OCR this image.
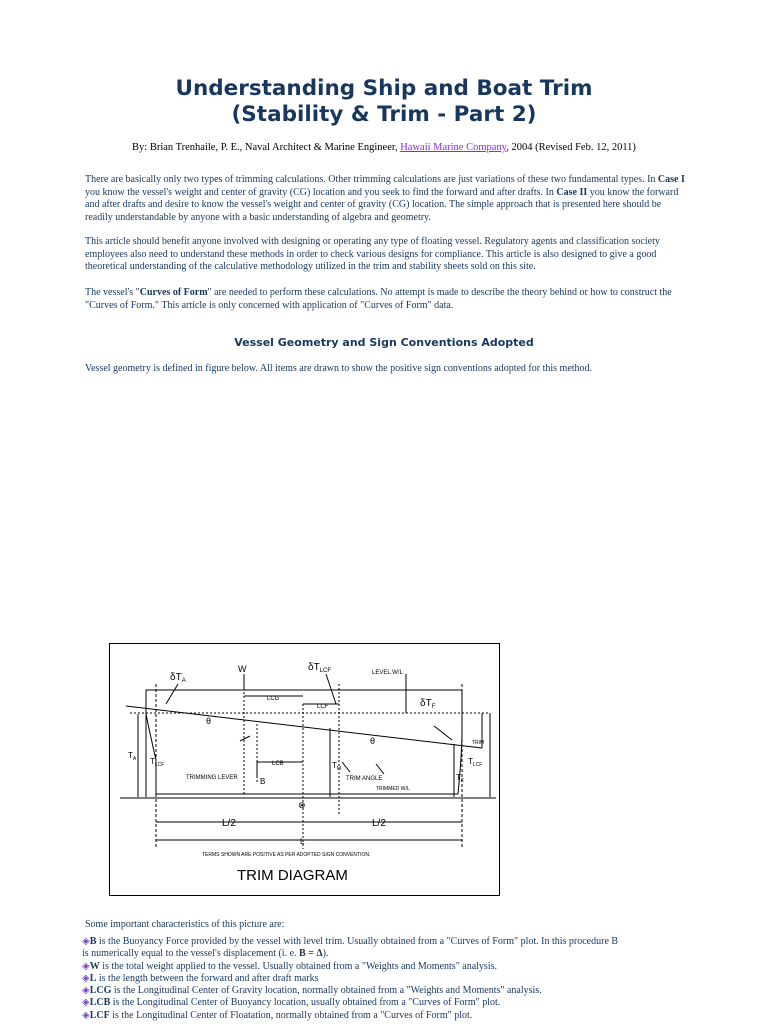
Understanding Ship and Boat Trim
(Stability & Trim - Part 2)
By: Brian Trenhaile, P. E., Naval Architect & Marine Engineer, Hawaii Marine Company, 2004 (Revised Feb. 12, 2011)
There are basically only two types of trimming calculations. Other trimming calculations are just variations of these two fundamental types. In Case I you know the vessel's weight and center of gravity (CG) location and you seek to find the forward and after drafts. In Case II you know the forward and after drafts and desire to know the vessel's weight and center of gravity (CG) location. The simple approach that is presented here should be readily understandable by anyone with a basic understanding of algebra and geometry.
This article should benefit anyone involved with designing or operating any type of floating vessel. Regulatory agents and classification society employees also need to understand these methods in order to check various designs for compliance. This article is also designed to give a good theoretical understanding of the calculative methodology utilized in the trim and stability sheets sold on this site.
The vessel's "Curves of Form" are needed to perform these calculations. No attempt is made to describe the theory behind or how to construct the "Curves of Form." This article is only concerned with application of "Curves of Form" data.
Vessel Geometry and Sign Conventions Adopted
Vessel geometry is defined in figure below. All items are drawn to show the positive sign conventions adopted for this method.
$\delta T_A$
W	$\delta T_{LCF}$	LEVEL W/L
LCG
LCF	$\delta T_F$
θ
θ
$T_A$ $T_{LCF}$	LCB
TRIMMING LEVER	B
$T_M$
TRIM ANGLE
TRIMMED W/L
$T_F$
TRIM
$T_{LCF}$
⊗
L/2	L/2
L
TERMS SHOWN ARE POSITIVE AS PER ADOPTED SIGN CONVENTION.
TRIM DIAGRAM
Some important characteristics of this picture are:
◈B is the Buoyancy Force provided by the vessel with level trim. Usually obtained from a "Curves of Form" plot. In this procedure B
is numerically equal to the vessel's displacement (i. e. B = Δ).
◈W is the total weight applied to the vessel. Usually obtained from a "Weights and Moments" analysis.
◈L is the length between the forward and after draft marks
◈LCG is the Longitudinal Center of Gravity location, normally obtained from a "Weights and Moments" analysis.
◈LCB is the Longitudinal Center of Buoyancy location, usually obtained from a "Curves of Form" plot.
◈LCF is the Longitudinal Center of Floatation, normally obtained from a "Curves of Form" plot.
